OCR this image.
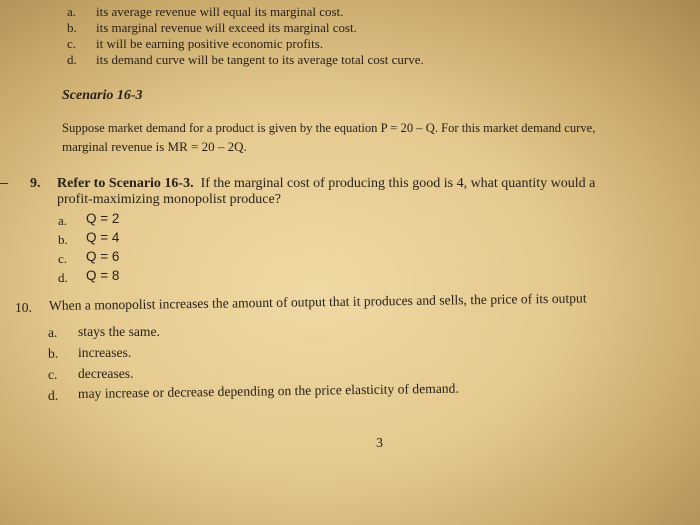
a. its average revenue will equal its marginal cost.
b. its marginal revenue will exceed its marginal cost.
c. it will be earning positive economic profits.
d. its demand curve will be tangent to its average total cost curve.
Scenario 16-3
Suppose market demand for a product is given by the equation P = 20 – Q. For this market demand curve,
marginal revenue is MR = 20 – 2Q.
9. Refer to Scenario 16-3. If the marginal cost of producing this good is 4, what quantity would a
profit-maximizing monopolist produce?
a. Q = 2
b. Q = 4
c. Q = 6
d. Q = 8
10. When a monopolist increases the amount of output that it produces and sells, the price of its output
a. stays the same.
b. increases.
c. decreases.
d. may increase or decrease depending on the price elasticity of demand.
3
